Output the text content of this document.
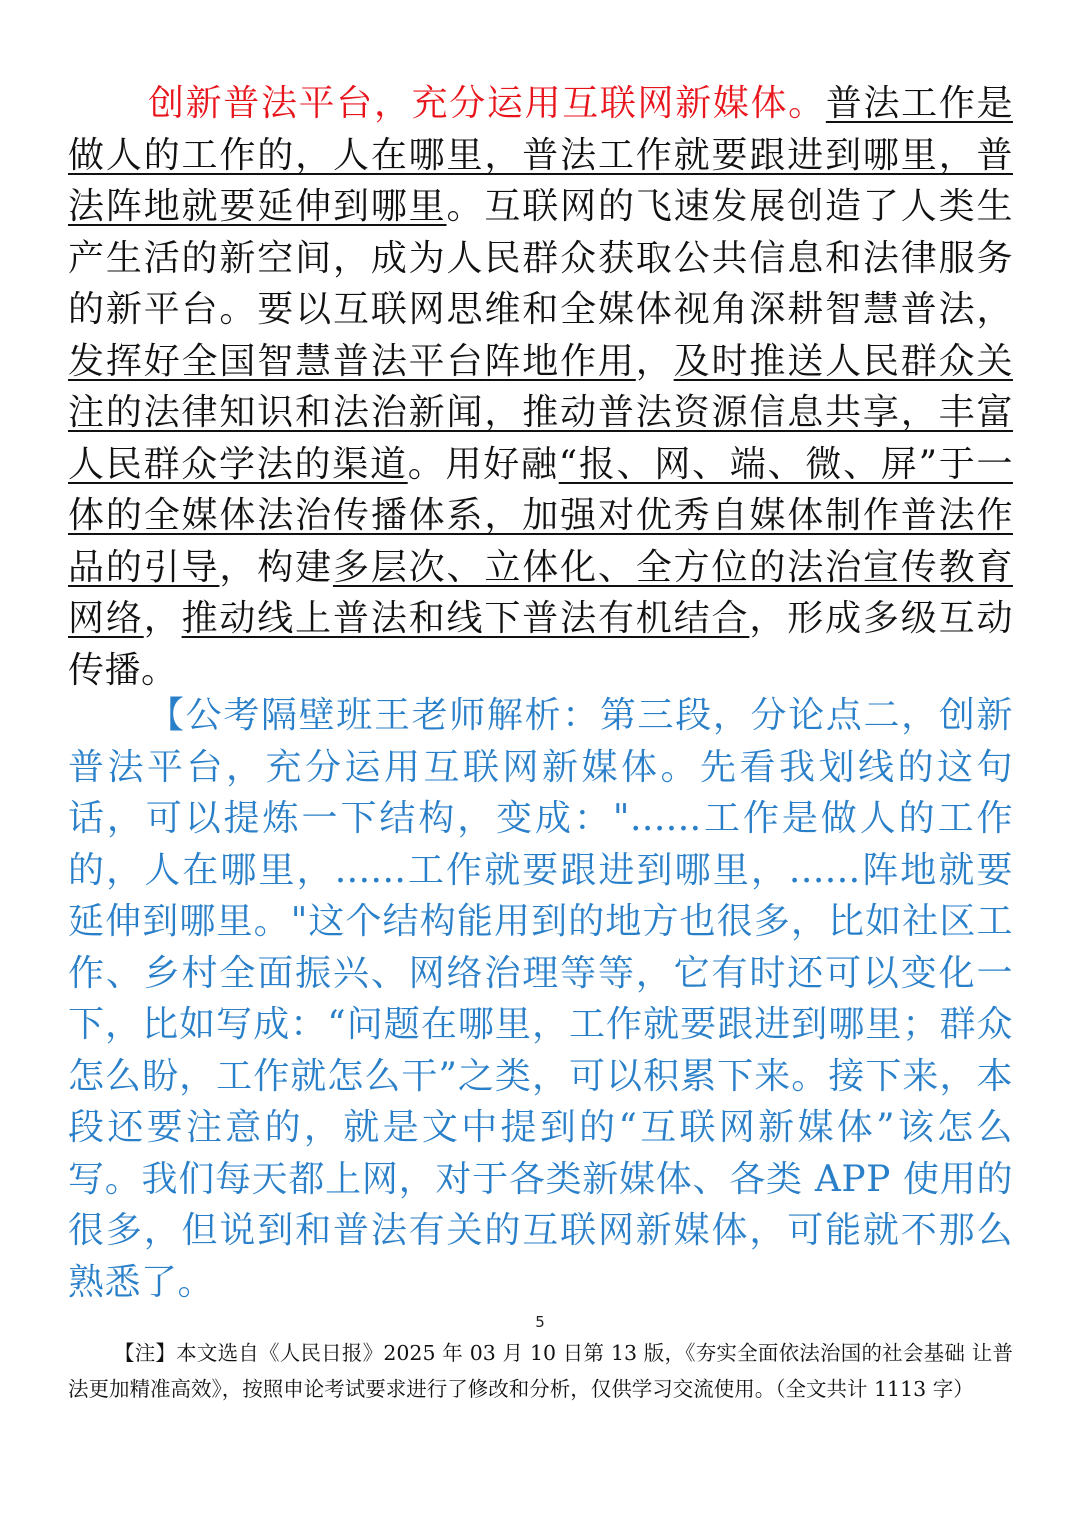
创新普法平台，充分运用互联网新媒体。普法工作是做人的工作的，人在哪里，普法工作就要跟进到哪里，普法阵地就要延伸到哪里。互联网的飞速发展创造了人类生产生活的新空间，成为人民群众获取公共信息和法律服务的新平台。要以互联网思维和全媒体视角深耕智慧普法，发挥好全国智慧普法平台阵地作用，及时推送人民群众关注的法律知识和法治新闻，推动普法资源信息共享，丰富人民群众学法的渠道。用好融“报、网、端、微、屏”于一体的全媒体法治传播体系，加强对优秀自媒体制作普法作品的引导，构建多层次、立体化、全方位的法治宣传教育网络，推动线上普法和线下普法有机结合，形成多级互动传播。
【公考隔壁班王老师解析：第三段，分论点二，创新普法平台，充分运用互联网新媒体。先看我划线的这句话，可以提炼一下结构，变成："......工作是做人的工作的，人在哪里，......工作就要跟进到哪里，......阵地就要延伸到哪里。"这个结构能用到的地方也很多，比如社区工作、乡村全面振兴、网络治理等等，它有时还可以变化一下，比如写成：“问题在哪里，工作就要跟进到哪里；群众怎么盼，工作就怎么干”之类，可以积累下来。接下来，本段还要注意的，就是文中提到的“互联网新媒体”该怎么写。我们每天都上网，对于各类新媒体、各类 APP 使用的很多，但说到和普法有关的互联网新媒体，可能就不那么熟悉了。
5
【注】本文选自《人民日报》2025 年 03 月 10 日第 13 版，《夯实全面依法治国的社会基础 让普法更加精准高效》，按照申论考试要求进行了修改和分析，仅供学习交流使用。（全文共计 1113 字）
